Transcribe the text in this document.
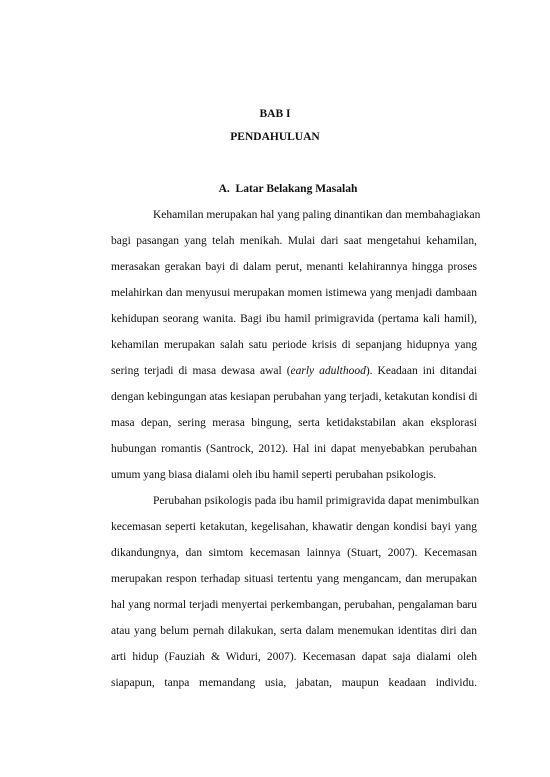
BAB I

PENDAHULUAN

A. Latar Belakang Masalah

Kehamilan merupakan hal yang paling dinantikan dan membahagiakan

bagi pasangan yang telah menikah. Mulai dari saat mengetahui kehamilan,

merasakan gerakan bayi di dalam perut, menanti kelahirannya hingga proses

melahirkan dan menyusui merupakan momen istimewa yang menjadi dambaan

kehidupan seorang wanita. Bagi ibu hamil primigravida (pertama kali hamil),

kehamilan merupakan salah satu periode krisis di sepanjang hidupnya yang

sering terjadi di masa dewasa awal (early adulthood). Keadaan ini ditandai

dengan kebingungan atas kesiapan perubahan yang terjadi, ketakutan kondisi di

masa depan, sering merasa bingung, serta ketidakstabilan akan eksplorasi

hubungan romantis (Santrock, 2012). Hal ini dapat menyebabkan perubahan

umum yang biasa dialami oleh ibu hamil seperti perubahan psikologis.

Perubahan psikologis pada ibu hamil primigravida dapat menimbulkan

kecemasan seperti ketakutan, kegelisahan, khawatir dengan kondisi bayi yang

dikandungnya, dan simtom kecemasan lainnya (Stuart, 2007). Kecemasan

merupakan respon terhadap situasi tertentu yang mengancam, dan merupakan

hal yang normal terjadi menyertai perkembangan, perubahan, pengalaman baru

atau yang belum pernah dilakukan, serta dalam menemukan identitas diri dan

arti hidup (Fauziah & Widuri, 2007). Kecemasan dapat saja dialami oleh

siapapun, tanpa memandang usia, jabatan, maupun keadaan individu.
